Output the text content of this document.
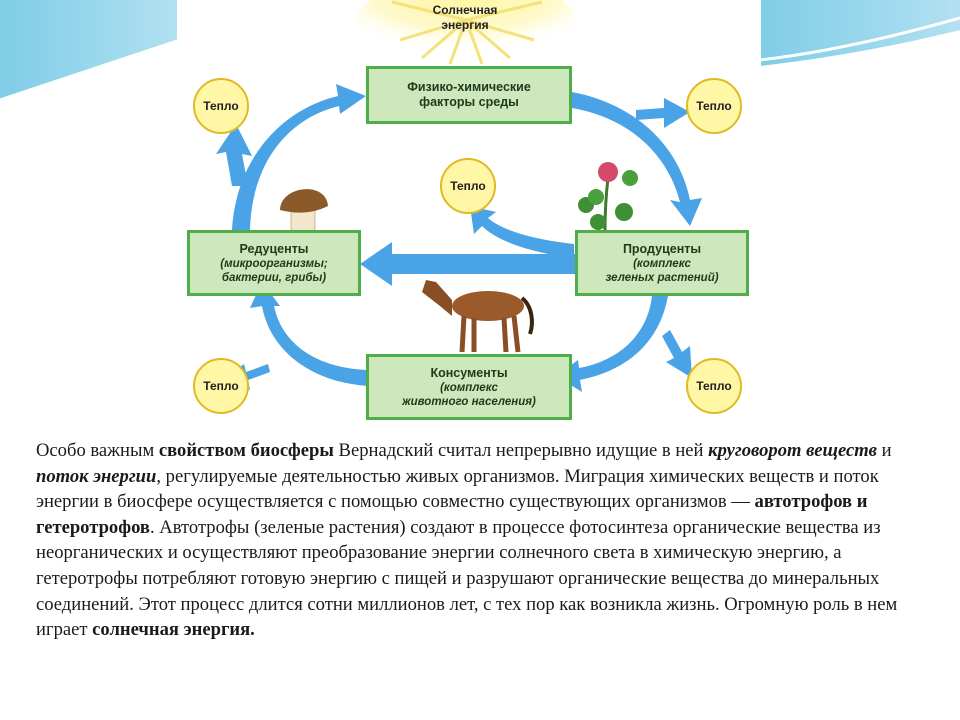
Солнечная
энергия
Физико-химические
факторы среды
Редуценты
(микроорганизмы;
бактерии, грибы)
Продуценты
(комплекс
зеленых растений)
Консументы
(комплекс
животного населения)
Тепло	Тепло
Тепло
Тепло	Тепло
Особо важным свойством биосферы Вернадский считал непрерывно идущие в ней круговорот веществ и поток энергии, регулируемые деятельностью живых организмов. Миграция химических веществ и поток энергии в биосфере осуществляется с помощью совместно существующих организмов — автотрофов и гетеротрофов. Автотрофы (зеленые растения) создают в процессе фотосинтеза органические вещества из неорганических и осуществляют преобразование энергии солнечного света в химическую энергию, а гетеротрофы потребляют готовую энергию с пищей и разрушают органические вещества до минеральных соединений. Этот процесс длится сотни миллионов лет, с тех пор как возникла жизнь. Огромную роль в нем играет солнечная энергия.
